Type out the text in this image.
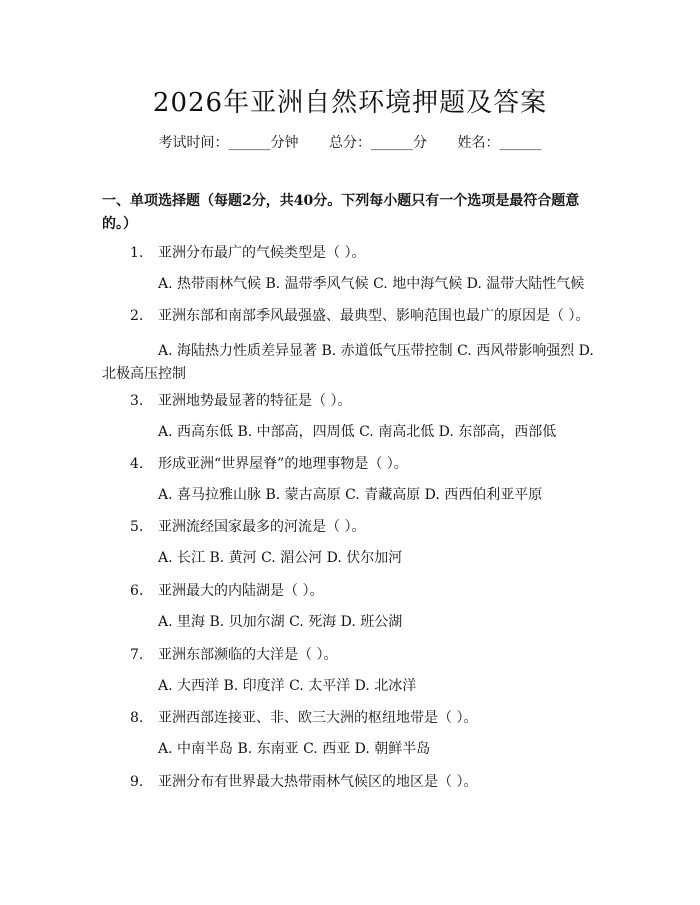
2026年亚洲自然环境押题及答案
考试时间：______分钟 总分：______分 姓名：______
一、单项选择题（每题2分，共40分。下列每小题只有一个选项是最符合题意的。）
1. 亚洲分布最广的气候类型是（ ）。
A. 热带雨林气候 B. 温带季风气候 C. 地中海气候 D. 温带大陆性气候
2. 亚洲东部和南部季风最强盛、最典型、影响范围也最广的原因是（ ）。
A. 海陆热力性质差异显著 B. 赤道低气压带控制 C. 西风带影响强烈 D. 北极高压控制
3. 亚洲地势最显著的特征是（ ）。
A. 西高东低 B. 中部高，四周低 C. 南高北低 D. 东部高，西部低
4. 形成亚洲“世界屋脊”的地理事物是（ ）。
A. 喜马拉雅山脉 B. 蒙古高原 C. 青藏高原 D. 西西伯利亚平原
5. 亚洲流经国家最多的河流是（ ）。
A. 长江 B. 黄河 C. 湄公河 D. 伏尔加河
6. 亚洲最大的内陆湖是（ ）。
A. 里海 B. 贝加尔湖 C. 死海 D. 班公湖
7. 亚洲东部濒临的大洋是（ ）。
A. 大西洋 B. 印度洋 C. 太平洋 D. 北冰洋
8. 亚洲西部连接亚、非、欧三大洲的枢纽地带是（ ）。
A. 中南半岛 B. 东南亚 C. 西亚 D. 朝鲜半岛
9. 亚洲分布有世界最大热带雨林气候区的地区是（ ）。
